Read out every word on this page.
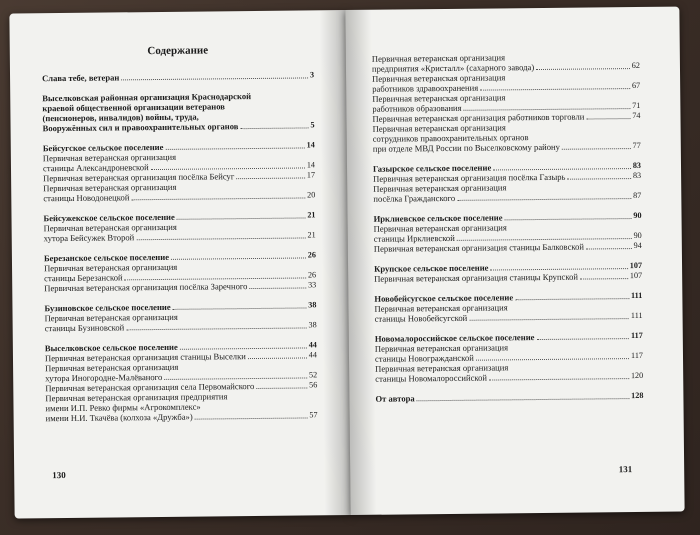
Содержание
Слава тебе, ветеран	3
Выселковская районная организация Краснодарской
краевой общественной организации ветеранов
(пенсионеров, инвалидов) войны, труда,
Вооружённых сил и правоохранительных органов	5
Бейсугское сельское поселение	14
Первичная ветеранская организация
станицы Александроневской	14
Первичная ветеранская организация посёлка Бейсуг	17
Первичная ветеранская организация
станицы Новодонецкой	20
Бейсужекское сельское поселение	21
Первичная ветеранская организация
хутора Бейсужек Второй	21
Березанское сельское поселение	26
Первичная ветеранская организация
станицы Березанской	26
Первичная ветеранская организация посёлка Заречного	33
Бузиновское сельское поселение	38
Первичная ветеранская организация
станицы Бузиновской	38
Выселковское сельское поселение	44
Первичная ветеранская организация станицы Выселки	44
Первичная ветеранская организация
хутора Иногородне-Малёваного	52
Первичная ветеранская организация села Первомайского	56
Первичная ветеранская организация предприятия
имени И.П. Ревко фирмы «Агрокомплекс»
имени Н.И. Ткачёва (колхоза «Дружба»)	57
130
Первичная ветеранская организация
предприятия «Кристалл» (сахарного завода)	62
Первичная ветеранская организация
работников здравоохранения	67
Первичная ветеранская организация
работников образования	71
Первичная ветеранская организация работников торговли	74
Первичная ветеранская организация
сотрудников правоохранительных органов
при отделе МВД России по Выселковскому району	77
Газырское сельское поселение	83
Первичная ветеранская организация посёлка Газырь	83
Первичная ветеранская организация
посёлка Гражданского	87
Ирклиевское сельское поселение	90
Первичная ветеранская организация
станицы Ирклиевской	90
Первичная ветеранская организация станицы Балковской	94
Крупское сельское поселение	107
Первичная ветеранская организация станицы Крупской	107
Новобейсугское сельское поселение	111
Первичная ветеранская организация
станицы Новобейсугской	111
Новомалороссийское сельское поселение	117
Первичная ветеранская организация
станицы Новогражданской	117
Первичная ветеранская организация
станицы Новомалороссийской	120
От автора	128
131
